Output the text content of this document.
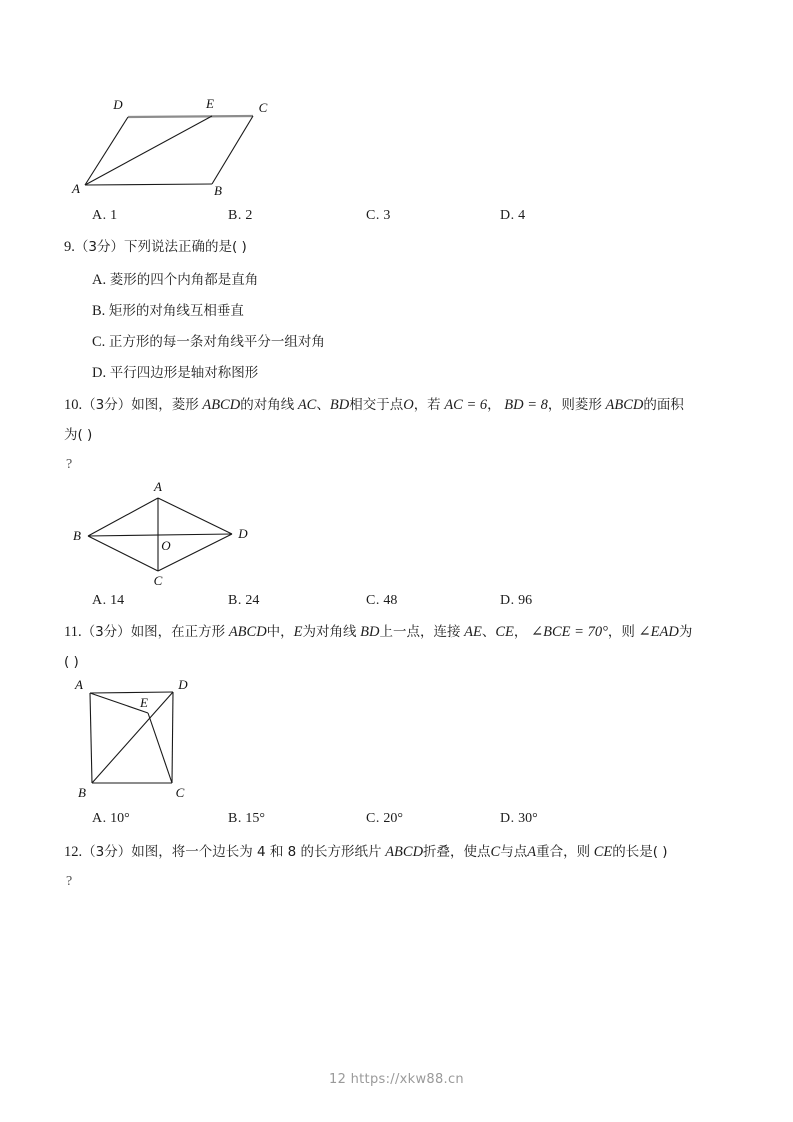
D	E	C
A	B
A. 1	B. 2	C. 3	D. 4
9.（3分）下列说法正确的是( )
A. 菱形的四个内角都是直角
B. 矩形的对角线互相垂直
C. 正方形的每一条对角线平分一组对角
D. 平行四边形是轴对称图形
10.（3分）如图，菱形 ABCD的对角线 AC、BD相交于点O，若 AC = 6， BD = 8，则菱形 ABCD的面积
为( )
?
A
B
C
D
O
A. 14	B. 24	C. 48	D. 96
11.（3分）如图，在正方形 ABCD中，E为对角线 BD上一点，连接 AE、CE， ∠BCE = 70°，则 ∠EAD为
( )
A	D
B	C
E
A. 10°	B. 15°	C. 20°	D. 30°
12.（3分）如图，将一个边长为 4 和 8 的长方形纸片 ABCD折叠，使点C与点A重合，则 CE的长是( )
?
12 https://xkw88.cn
